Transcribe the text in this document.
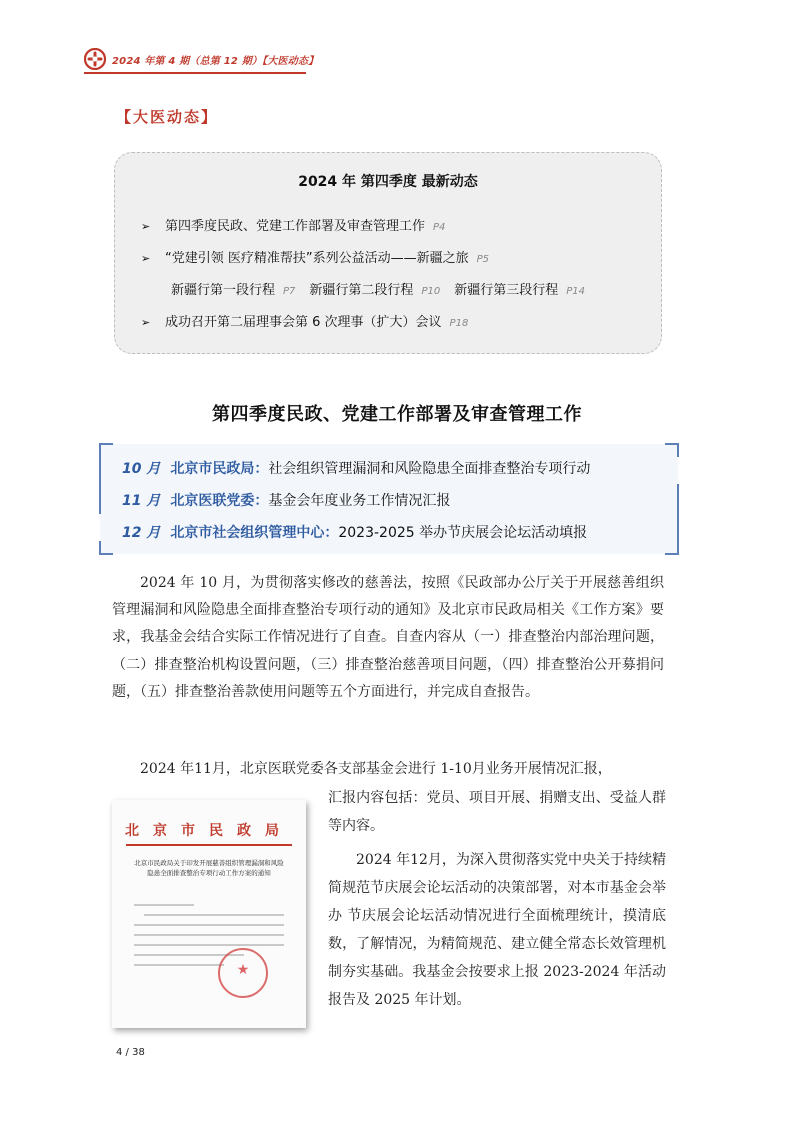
2024 年第 4 期（总第 12 期）【大医动态】
【大医动态】
2024 年 第四季度 最新动态
➢	第四季度民政、党建工作部署及审查管理工作 P4
➢	“党建引领 医疗精准帮扶”系列公益活动——新疆之旅 P5
新疆行第一段行程 P7 新疆行第二段行程 P10 新疆行第三段行程 P14
➢	成功召开第二届理事会第 6 次理事（扩大）会议 P18
第四季度民政、党建工作部署及审查管理工作
10 月 北京市民政局： 社会组织管理漏洞和风险隐患全面排查整治专项行动
11 月 北京医联党委： 基金会年度业务工作情况汇报
12 月 北京市社会组织管理中心： 2023-2025 举办节庆展会论坛活动填报
2024 年 10 月，为贯彻落实修改的慈善法，按照《民政部办公厅关于开展慈善组织管理漏洞和风险隐患全面排查整治专项行动的通知》及北京市民政局相关《工作方案》要求，我基金会结合实际工作情况进行了自查。自查内容从（一）排查整治内部治理问题，（二）排查整治机构设置问题，（三）排查整治慈善项目问题，（四）排查整治公开募捐问题，（五）排查整治善款使用问题等五个方面进行，并完成自查报告。
2024 年11月，北京医联党委各支部基金会进行 1-10月业务开展情况汇报，
汇报内容包括：党员、项目开展、捐赠支出、受益人群等内容。
2024 年12月，为深入贯彻落实党中央关于持续精简规范节庆展会论坛活动的决策部署，对本市基金会举办 节庆展会论坛活动情况进行全面梳理统计，摸清底数，了解情况，为精简规范、建立健全常态长效管理机制夯实基础。我基金会按要求上报 2023-2024 年活动报告及 2025 年计划。
北京市民政局
北京市民政局关于印发开展慈善组织管理漏洞和风险隐患全面排查整治专项行动工作方案的通知
★
4 / 38
